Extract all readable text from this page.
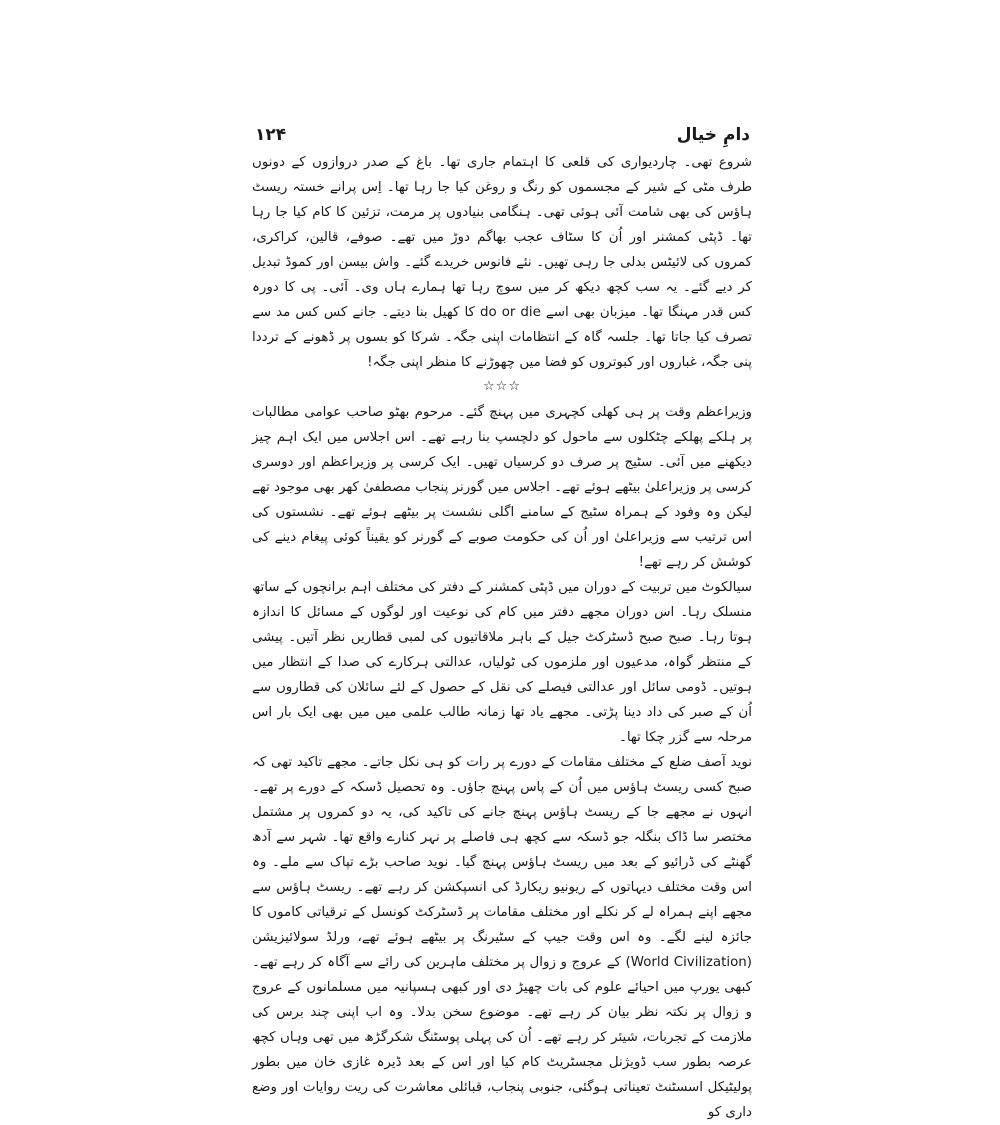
دامِ خیال
۱۲۴

شروع تھی۔ چاردیواری کی قلعی کا اہتمام جاری تھا۔ باغ کے صدر دروازوں کے دونوں طرف مٹی کے شیر کے مجسموں کو رنگ و روغن کیا جا رہا تھا۔ اِس پرانے خستہ ریسٹ ہاؤس کی بھی شامت آئی ہوئی تھی۔ ہنگامی بنیادوں پر مرمت، تزئین کا کام کیا جا رہا تھا۔ ڈپٹی کمشنر اور اُن کا سٹاف عجب بھاگم دوڑ میں تھے۔ صوفے، قالین، کراکری، کمروں کی لائیٹس بدلی جا رہی تھیں۔ نئے فانوس خریدے گئے۔ واش بیسن اور کموڈ تبدیل کر دیے گئے۔ یہ سب کچھ دیکھ کر میں سوچ رہا تھا ہمارے ہاں وی۔ آئی۔ پی کا دورہ کس قدر مہنگا تھا۔ میزبان بھی اسے do or die کا کھیل بنا دیتے۔ جانے کس کس مد سے تصرف کیا جاتا تھا۔ جلسہ گاہ کے انتظامات اپنی جگہ۔ شرکا کو بسوں پر ڈھونے کے ترددا پنی جگہ، غباروں اور کبوتروں کو فضا میں چھوڑنے کا منظر اپنی جگہ!

☆☆☆

وزیراعظم وقت پر ہی کھلی کچہری میں پہنچ گئے۔ مرحوم بھٹو صاحب عوامی مطالبات پر ہلکے پھلکے چٹکلوں سے ماحول کو دلچسپ بنا رہے تھے۔ اس اجلاس میں ایک اہم چیز دیکھنے میں آئی۔ سٹیج پر صرف دو کرسیاں تھیں۔ ایک کرسی پر وزیراعظم اور دوسری کرسی پر وزیراعلیٰ بیٹھے ہوئے تھے۔ اجلاس میں گورنر پنجاب مصطفیٰ کھر بھی موجود تھے لیکن وہ وفود کے ہمراہ سٹیج کے سامنے اگلی نشست پر بیٹھے ہوئے تھے۔ نشستوں کی اس ترتیب سے وزیراعلیٰ اور اُن کی حکومت صوبے کے گورنر کو یقیناً کوئی پیغام دینے کی کوشش کر رہے تھے!

سیالکوٹ میں تربیت کے دوران میں ڈپٹی کمشنر کے دفتر کی مختلف اہم برانچوں کے ساتھ منسلک رہا۔ اس دوران مجھے دفتر میں کام کی نوعیت اور لوگوں کے مسائل کا اندازہ ہوتا رہا۔ صبح صبح ڈسٹرکٹ جیل کے باہر ملاقاتیوں کی لمبی قطاریں نظر آتیں۔ پیشی کے منتظر گواہ، مدعیوں اور ملزموں کی ٹولیاں، عدالتی ہرکارے کی صدا کے انتظار میں ہوتیں۔ ڈومی سائل اور عدالتی فیصلے کی نقل کے حصول کے لئے سائلان کی قطاروں سے اُن کے صبر کی داد دینا پڑتی۔ مجھے یاد تھا زمانہ طالب علمی میں میں بھی ایک بار اس مرحلہ سے گزر چکا تھا۔

نوید آصف ضلع کے مختلف مقامات کے دورے پر رات کو ہی نکل جاتے۔ مجھے تاکید تھی کہ صبح کسی ریسٹ ہاؤس میں اُن کے پاس پہنچ جاؤں۔ وہ تحصیل ڈسکہ کے دورے پر تھے۔ انہوں نے مجھے جا کے ریسٹ ہاؤس پہنچ جانے کی تاکید کی، یہ دو کمروں پر مشتمل مختصر سا ڈاک بنگلہ جو ڈسکہ سے کچھ ہی فاصلے پر نہر کنارے واقع تھا۔ شہر سے آدھ گھنٹے کی ڈرائیو کے بعد میں ریسٹ ہاؤس پہنچ گیا۔ نوید صاحب بڑے تپاک سے ملے۔ وہ اس وقت مختلف دیہاتوں کے ریونیو ریکارڈ کی انسپکشن کر رہے تھے۔ ریسٹ ہاؤس سے مجھے اپنے ہمراہ لے کر نکلے اور مختلف مقامات پر ڈسٹرکٹ کونسل کے ترقیاتی کاموں کا جائزہ لینے لگے۔ وہ اس وقت جیپ کے سٹیرنگ پر بیٹھے ہوئے تھے، ورلڈ سولائیزیشن (World Civilization) کے عروج و زوال پر مختلف ماہرین کی رائے سے آگاہ کر رہے تھے۔ کبھی یورپ میں احیائے علوم کی بات چھیڑ دی اور کبھی ہسپانیہ میں مسلمانوں کے عروج و زوال پر نکتہ نظر بیان کر رہے تھے۔ موضوع سخن بدلا۔ وہ اب اپنی چند برس کی ملازمت کے تجربات، شیئر کر رہے تھے۔ اُن کی پہلی پوسٹنگ شکرگڑھ میں تھی وہاں کچھ عرصہ بطور سب ڈویژنل مجسٹریٹ کام کیا اور اس کے بعد ڈیرہ غازی خان میں بطور پولیٹیکل اسسٹنٹ تعیناتی ہوگئی، جنوبی پنجاب، قبائلی معاشرت کی ریت روایات اور وضع داری کو
